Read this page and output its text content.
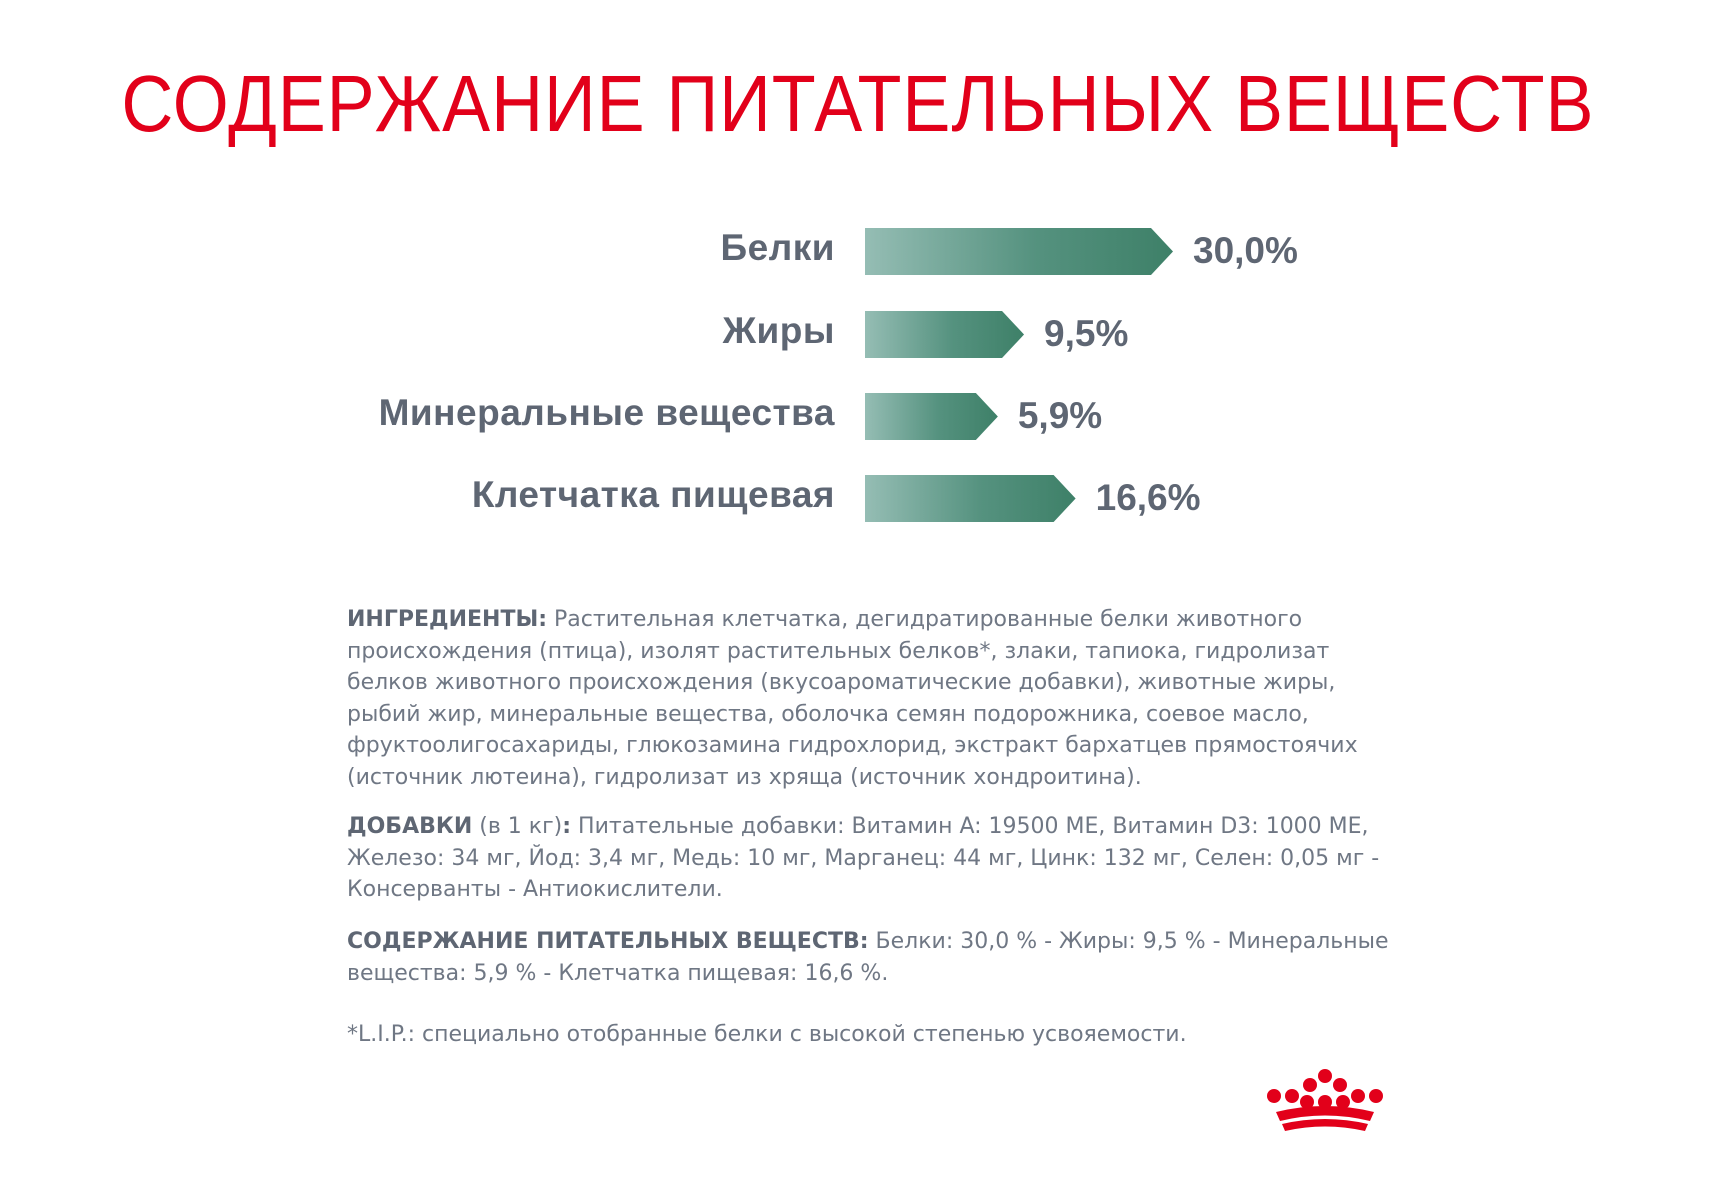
СОДЕРЖАНИЕ ПИТАТЕЛЬНЫХ ВЕЩЕСТВ
Белки	30,0%
Жиры	9,5%
Минеральные вещества	5,9%
Клетчатка пищевая	16,6%
ИНГРЕДИЕНТЫ: Растительная клетчатка, дегидратированные белки животного происхождения (птица), изолят растительных белков*, злаки, тапиока, гидролизат белков животного происхождения (вкусоароматические добавки), животные жиры, рыбий жир, минеральные вещества, оболочка семян подорожника, соевое масло, фруктоолигосахариды, глюкозамина гидрохлорид, экстракт бархатцев прямостоячих (источник лютеина), гидролизат из хряща (источник хондроитина).
ДОБАВКИ (в 1 кг): Питательные добавки: Витамин A: 19500 МЕ, Витамин D3: 1000 МЕ, Железо: 34 мг, Йод: 3,4 мг, Медь: 10 мг, Марганец: 44 мг, Цинк: 132 мг, Селен: 0,05 мг - Консерванты - Антиокислители.
СОДЕРЖАНИЕ ПИТАТЕЛЬНЫХ ВЕЩЕСТВ: Белки: 30,0 % - Жиры: 9,5 % - Минеральные вещества: 5,9 % - Клетчатка пищевая: 16,6 %.
*L.I.P.: специально отобранные белки с высокой степенью усвояемости.
